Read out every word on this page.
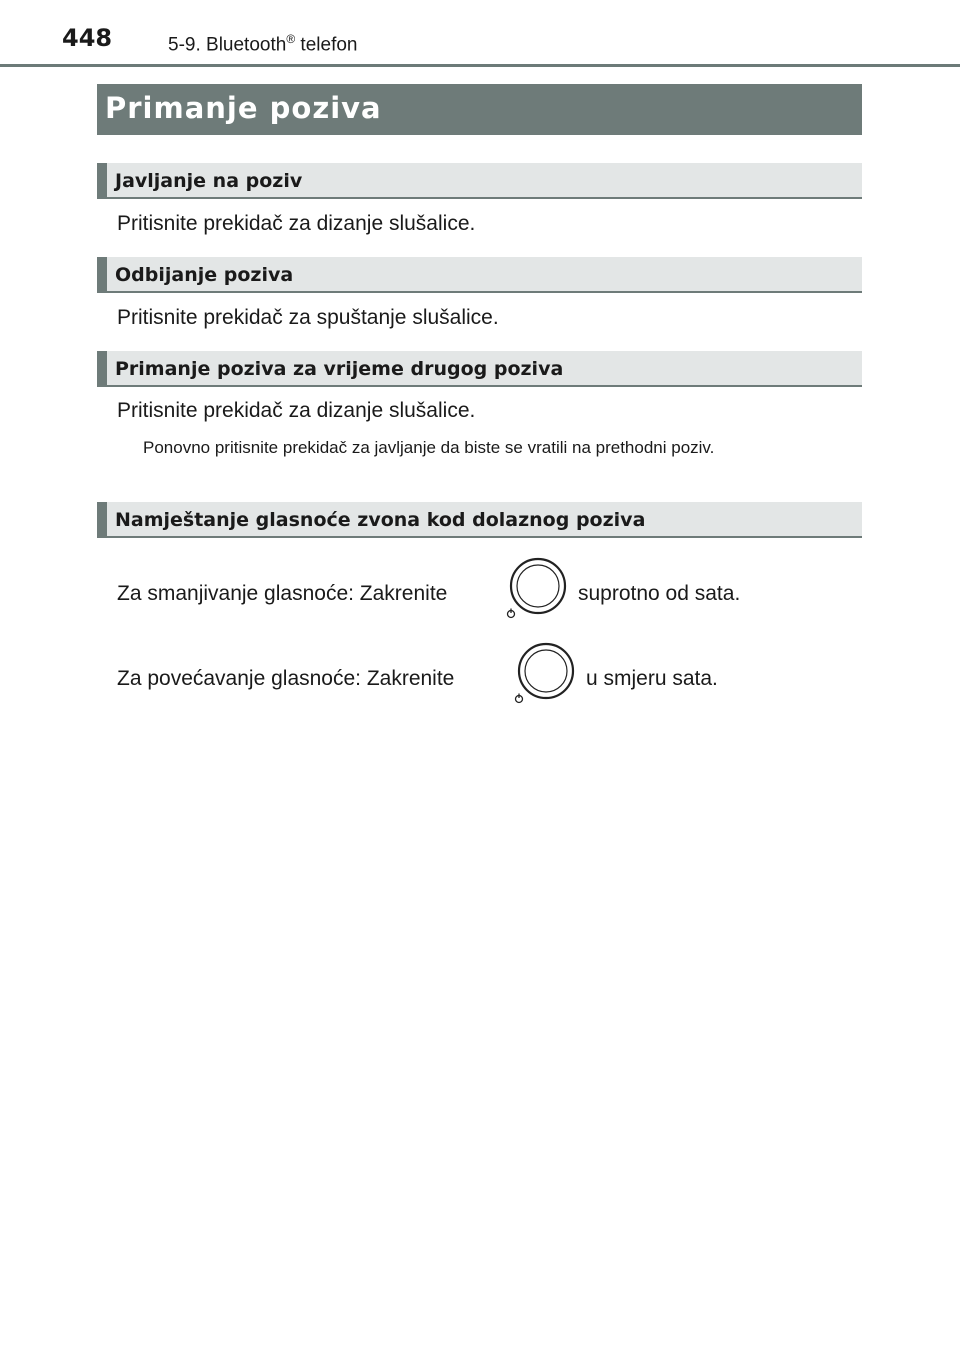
448	5-9. Bluetooth® telefon
Primanje poziva
Javljanje na poziv
Pritisnite prekidač za dizanje slušalice.
Odbijanje poziva
Pritisnite prekidač za spuštanje slušalice.
Primanje poziva za vrijeme drugog poziva
Pritisnite prekidač za dizanje slušalice.
Ponovno pritisnite prekidač za javljanje da biste se vratili na prethodni poziv.
Namještanje glasnoće zvona kod dolaznog poziva
Za smanjivanje glasnoće: Zakrenite	suprotno od sata.
Za povećavanje glasnoće: Zakrenite	u smjeru sata.
